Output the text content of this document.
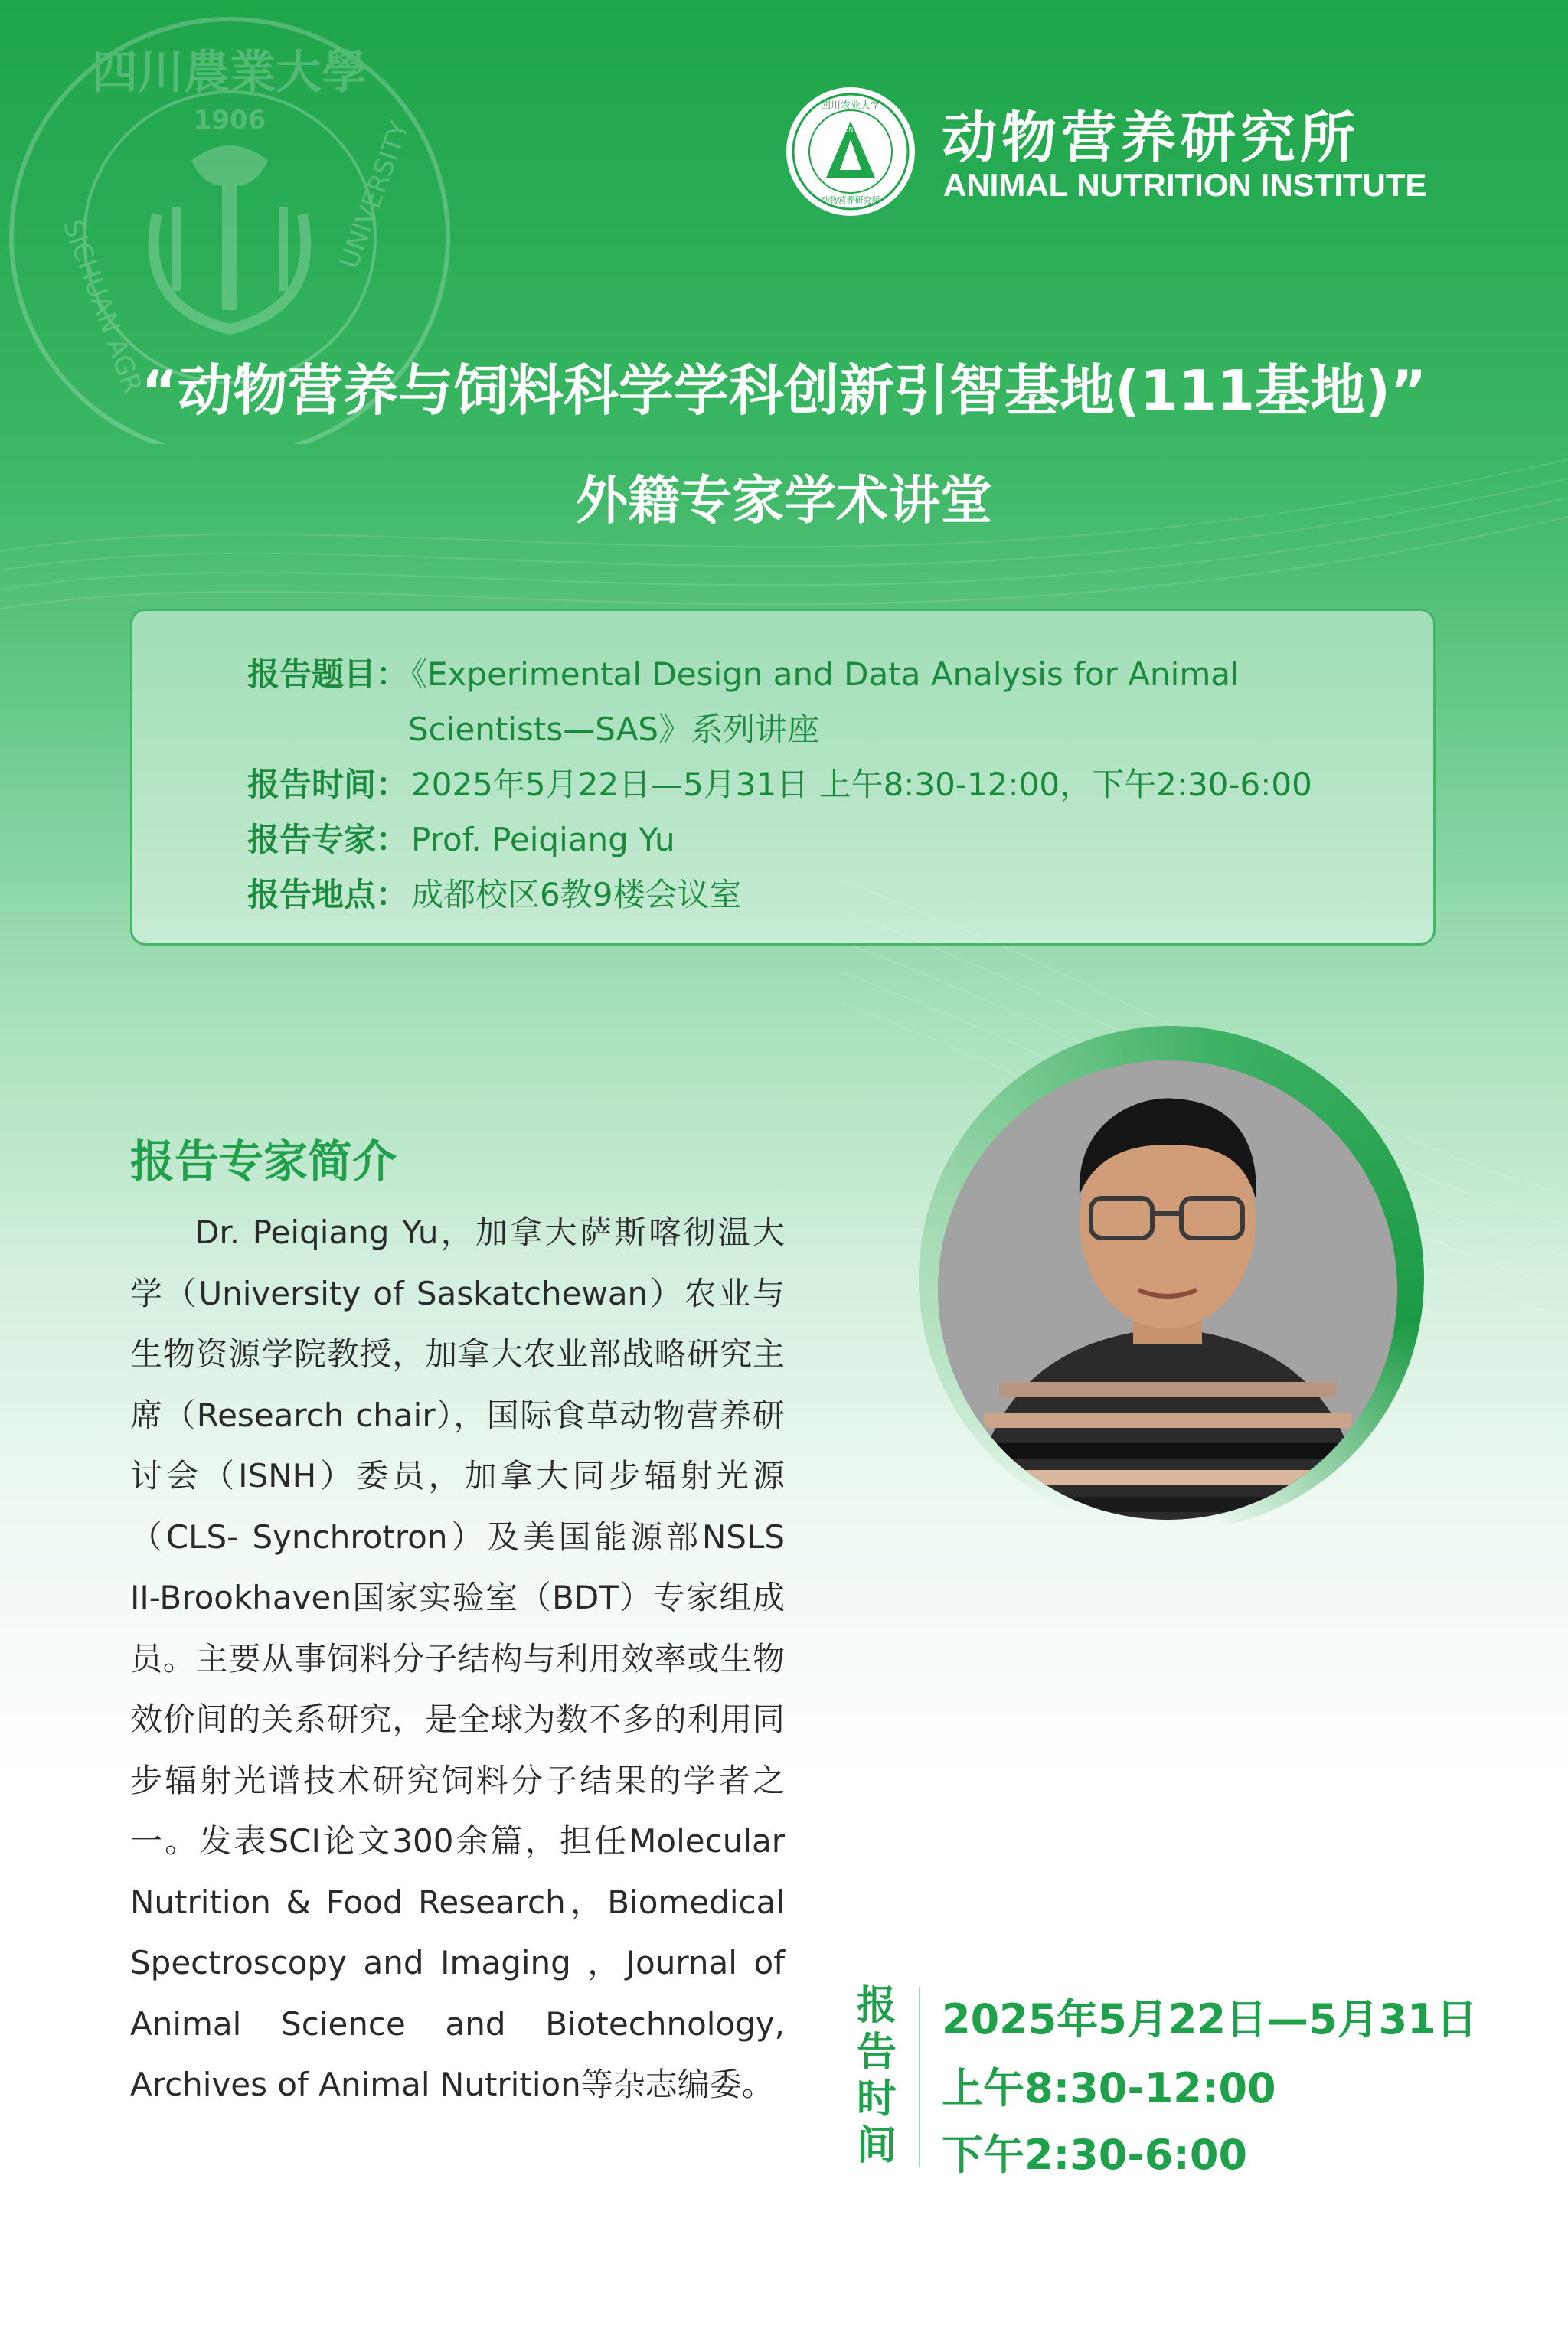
四川農業大學
1906
SICHUAN AGR
UNIVERSITY
四川农业大学
动物营养研究所
A.N.I. 动物营养研究所

ANIMAL NUTRITION INSTITUTE

“动物营养与饲料科学学科创新引智基地(111基地)”
外籍专家学术讲堂
报告题目：《Experimental Design and Data Analysis for Animal
Scientists—SAS》系列讲座
报告时间：2025年5月22日—5月31日 上午8:30-12:00，下午2:30-6:00
报告专家：Prof. Peiqiang Yu
报告地点：成都校区6教9楼会议室
报告专家简介

Dr. Peiqiang Yu，加拿大萨斯喀彻温大学（University of Saskatchewan）农业与生物资源学院教授，加拿大农业部战略研究主席（Research chair），国际食草动物营养研讨会（ISNH）委员，加拿大同步辐射光源（CLS- Synchrotron）及美国能源部NSLS II-Brookhaven国家实验室（BDT）专家组成员。主要从事饲料分子结构与利用效率或生物效价间的关系研究，是全球为数不多的利用同步辐射光谱技术研究饲料分子结果的学者之一。发表SCI论文300余篇，担任Molecular Nutrition & Food Research，Biomedical Spectroscopy and Imaging ，Journal of Animal Science and Biotechnology, Archives of Animal Nutrition等杂志编委。

报
告
时
间

2025年5月22日—5月31日

上午8:30-12:00

下午2:30-6:00
